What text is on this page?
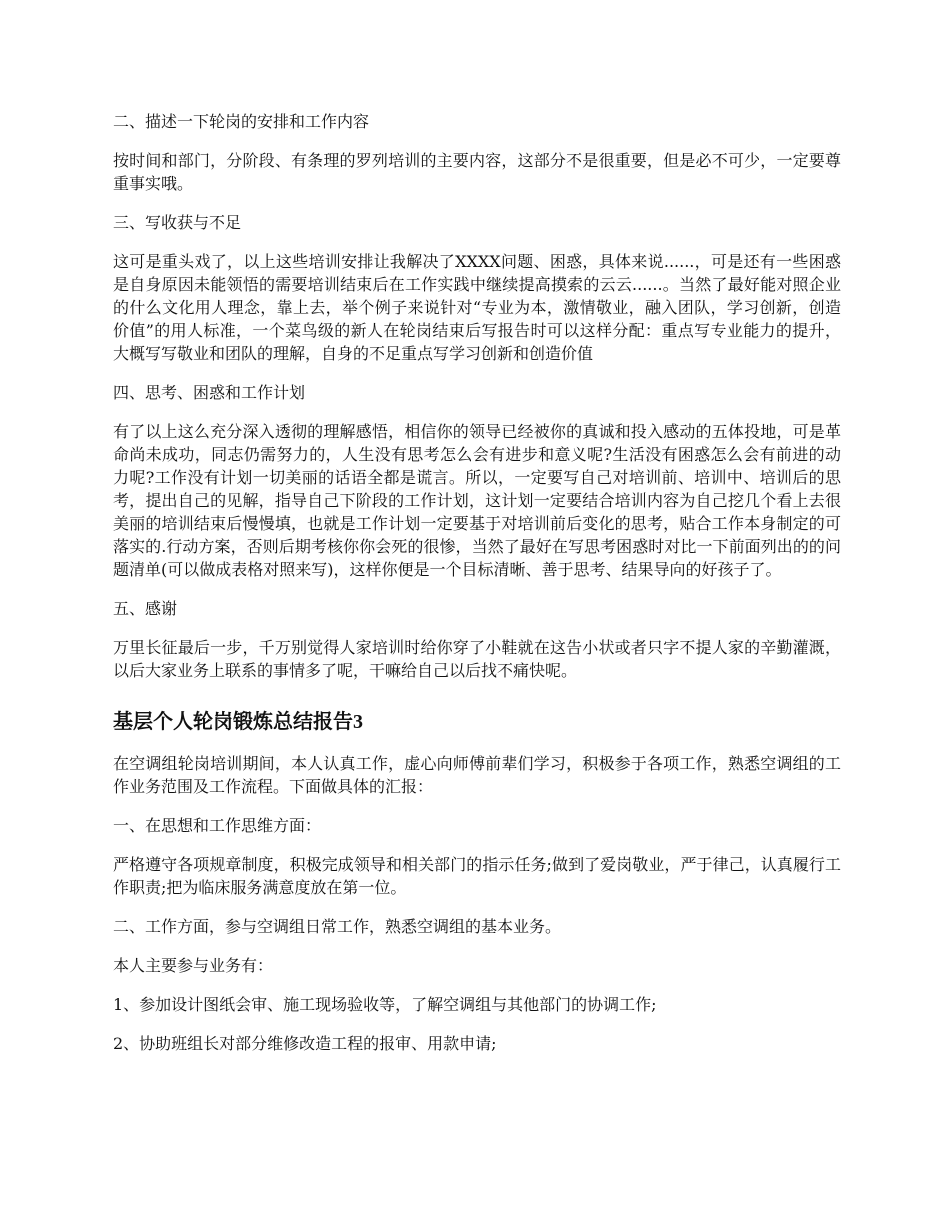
二、描述一下轮岗的安排和工作内容

按时间和部门，分阶段、有条理的罗列培训的主要内容，这部分不是很重要，但是必不可少，一定要尊重事实哦。

三、写收获与不足

这可是重头戏了，以上这些培训安排让我解决了XXXX问题、困惑，具体来说......，可是还有一些困惑是自身原因未能领悟的需要培训结束后在工作实践中继续提高摸索的云云......。当然了最好能对照企业的什么文化用人理念，靠上去，举个例子来说针对“专业为本，激情敬业，融入团队，学习创新，创造价值”的用人标准，一个菜鸟级的新人在轮岗结束后写报告时可以这样分配：重点写专业能力的提升，大概写写敬业和团队的理解，自身的不足重点写学习创新和创造价值

四、思考、困惑和工作计划

有了以上这么充分深入透彻的理解感悟，相信你的领导已经被你的真诚和投入感动的五体投地，可是革命尚未成功，同志仍需努力的，人生没有思考怎么会有进步和意义呢?生活没有困惑怎么会有前进的动力呢?工作没有计划一切美丽的话语全都是谎言。所以，一定要写自己对培训前、培训中、培训后的思考，提出自己的见解，指导自己下阶段的工作计划，这计划一定要结合培训内容为自己挖几个看上去很美丽的培训结束后慢慢填，也就是工作计划一定要基于对培训前后变化的思考，贴合工作本身制定的可落实的.行动方案，否则后期考核你你会死的很惨，当然了最好在写思考困惑时对比一下前面列出的的问题清单(可以做成表格对照来写)，这样你便是一个目标清晰、善于思考、结果导向的好孩子了。

五、感谢

万里长征最后一步，千万别觉得人家培训时给你穿了小鞋就在这告小状或者只字不提人家的辛勤灌溉，以后大家业务上联系的事情多了呢，干嘛给自己以后找不痛快呢。

基层个人轮岗锻炼总结报告3

在空调组轮岗培训期间，本人认真工作，虚心向师傅前辈们学习，积极参于各项工作，熟悉空调组的工作业务范围及工作流程。下面做具体的汇报：

一、在思想和工作思维方面：

严格遵守各项规章制度，积极完成领导和相关部门的指示任务;做到了爱岗敬业，严于律己，认真履行工作职责;把为临床服务满意度放在第一位。

二、工作方面，参与空调组日常工作，熟悉空调组的基本业务。

本人主要参与业务有：

1、参加设计图纸会审、施工现场验收等，了解空调组与其他部门的协调工作;

2、协助班组长对部分维修改造工程的报审、用款申请;
